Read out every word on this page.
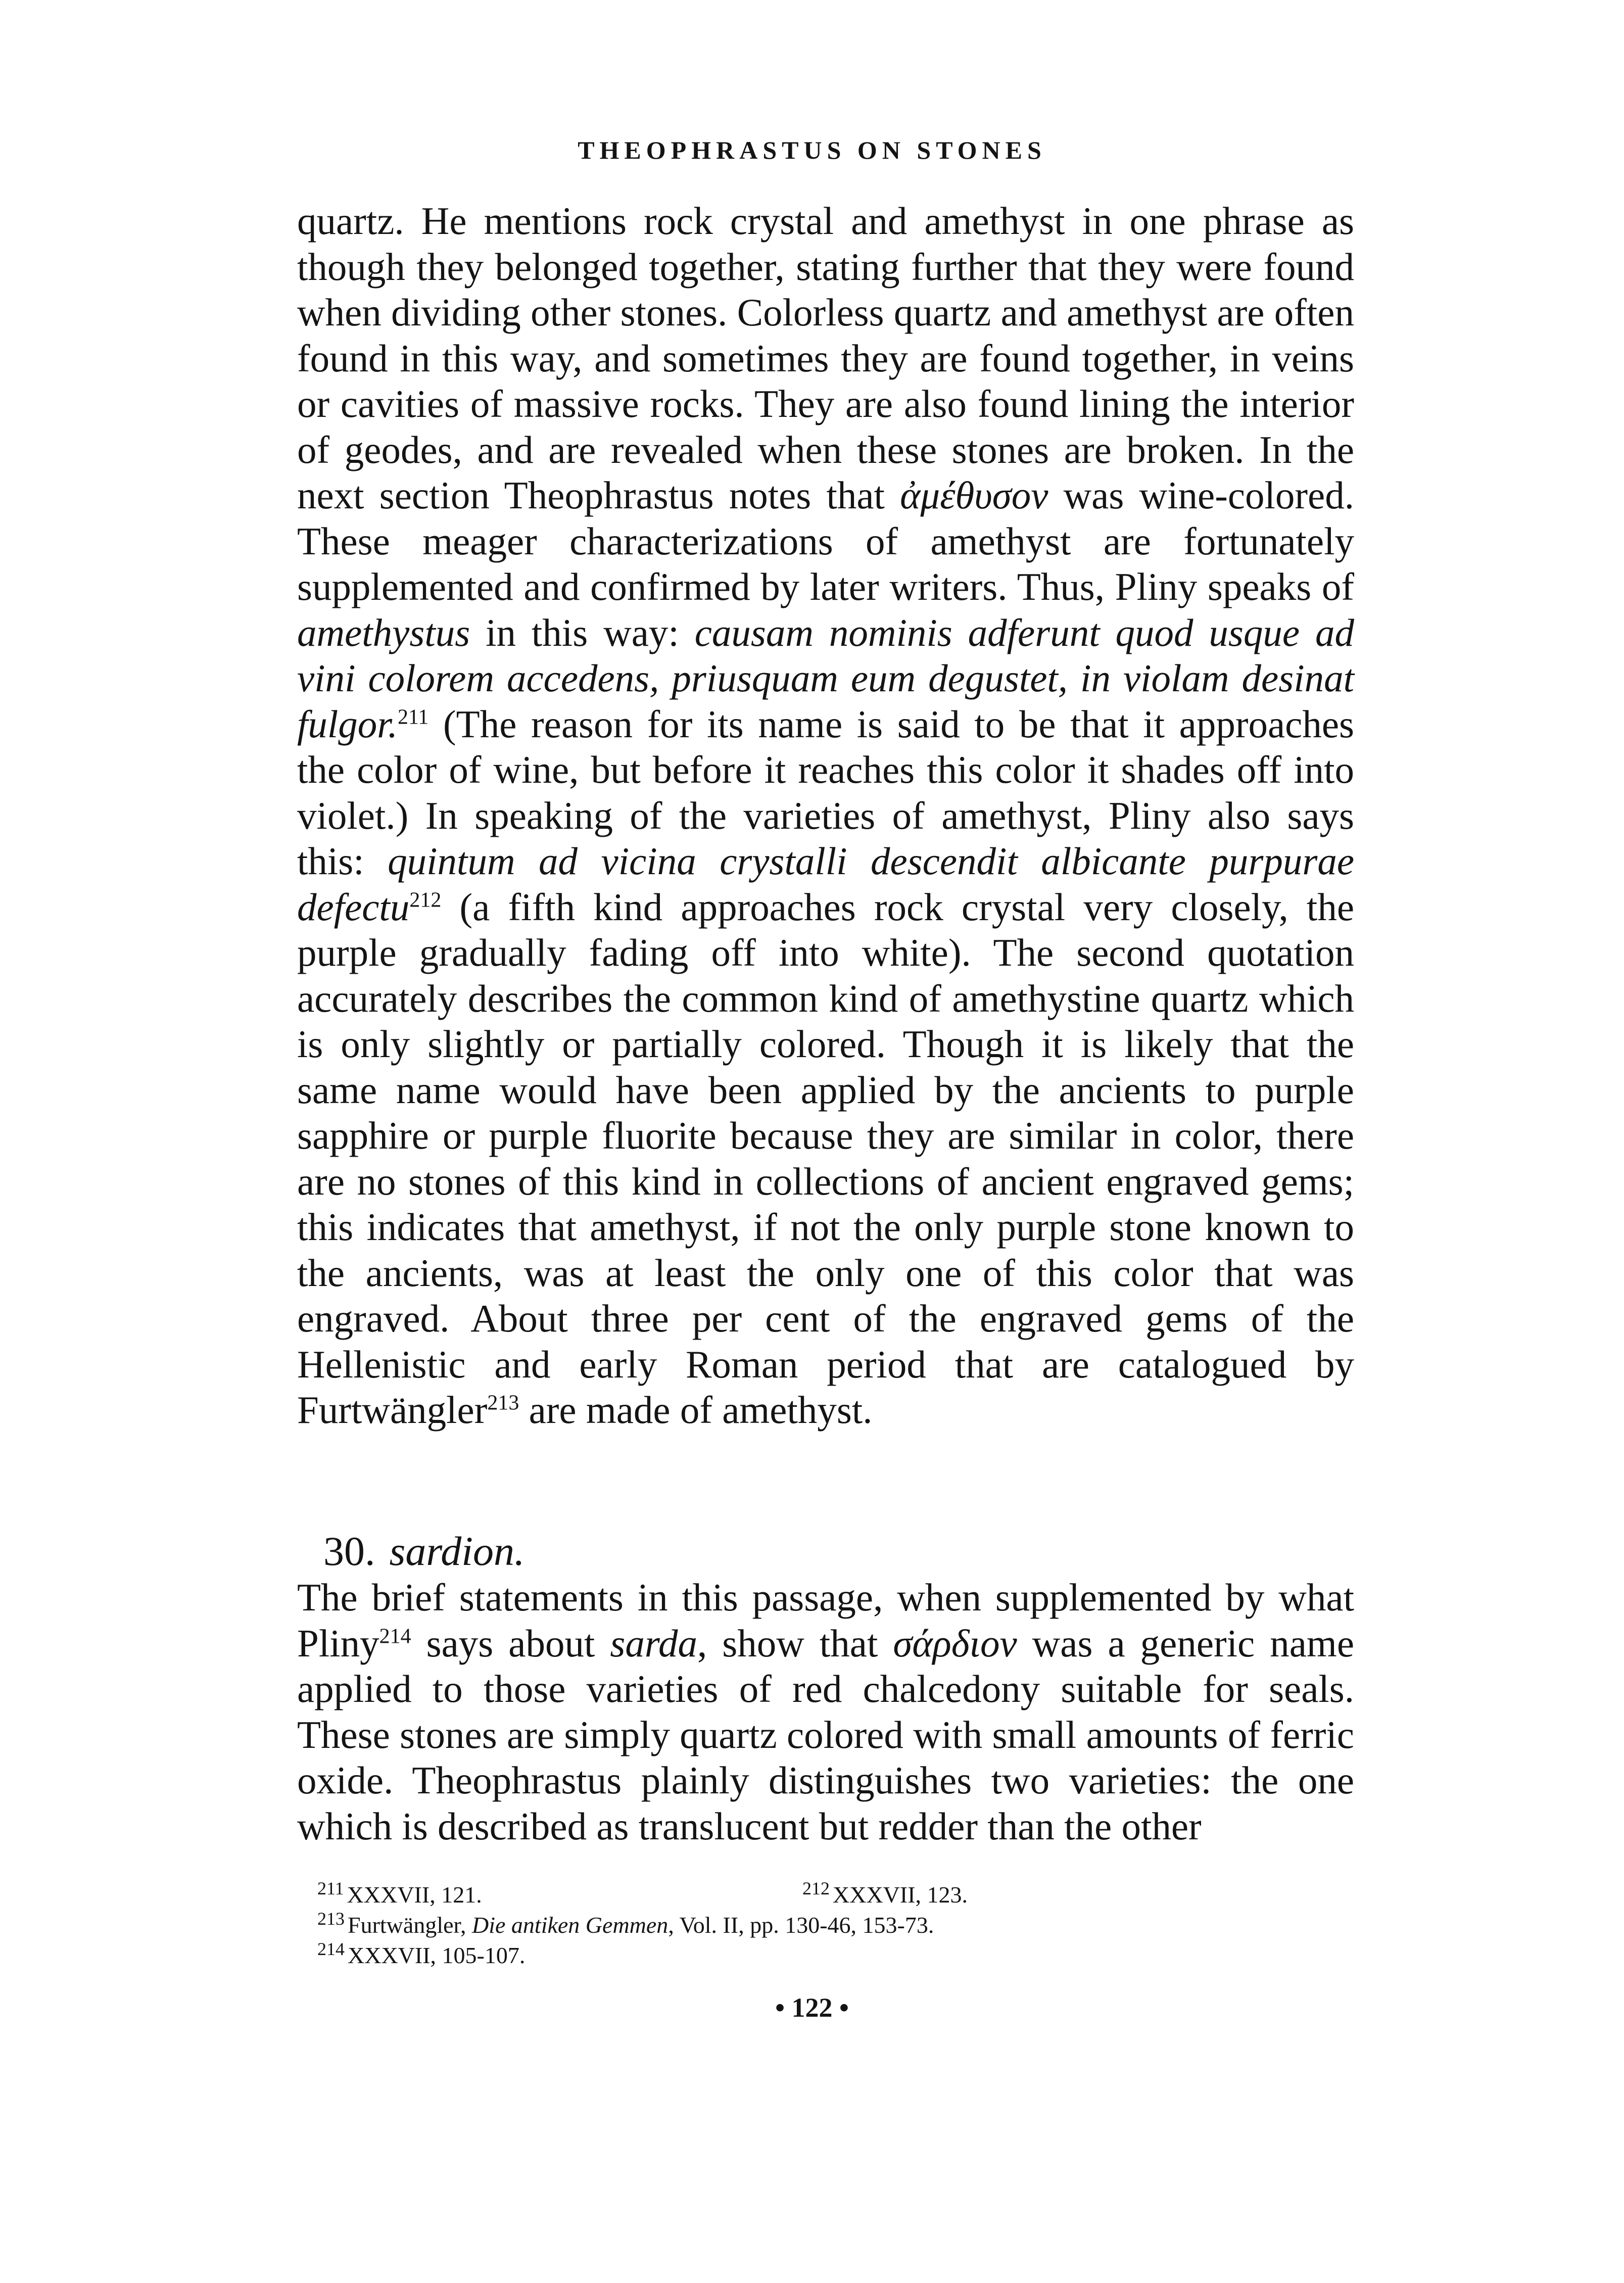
THEOPHRASTUS ON STONES

quartz. He mentions rock crystal and amethyst in one phrase as though they belonged together, stating further that they were found when dividing other stones. Colorless quartz and amethyst are often found in this way, and sometimes they are found together, in veins or cavities of massive rocks. They are also found lining the interior of geodes, and are revealed when these stones are broken. In the next section Theophrastus notes that ἀμέθυσον was wine-colored. These meager characterizations of amethyst are fortunately supplemented and confirmed by later writers. Thus, Pliny speaks of amethystus in this way: causam nominis adferunt quod usque ad vini colorem accedens, priusquam eum degustet, in violam desinat fulgor.$^{211}$ (The reason for its name is said to be that it approaches the color of wine, but before it reaches this color it shades off into violet.) In speaking of the varieties of amethyst, Pliny also says this: quintum ad vicina crystalli descendit albicante purpurae defectu$^{212}$ (a fifth kind approaches rock crystal very closely, the purple gradually fading off into white). The second quotation accurately describes the common kind of amethystine quartz which is only slightly or partially colored. Though it is likely that the same name would have been applied by the ancients to purple sapphire or purple fluorite because they are similar in color, there are no stones of this kind in collections of ancient engraved gems; this indicates that amethyst, if not the only purple stone known to the ancients, was at least the only one of this color that was engraved. About three per cent of the engraved gems of the Hellenistic and early Roman period that are catalogued by Furtwängler$^{213}$ are made of amethyst.

30. sardion.

The brief statements in this passage, when supplemented by what Pliny$^{214}$ says about sarda, show that σάρδιον was a generic name applied to those varieties of red chalcedony suitable for seals. These stones are simply quartz colored with small amounts of ferric oxide. Theophrastus plainly distinguishes two varieties: the one which is described as translucent but redder than the other

$^{211}$ XXXVII, 121.	$^{212}$ XXXVII, 123.
$^{213}$ Furtwängler, Die antiken Gemmen, Vol. II, pp. 130-46, 153-73.
$^{214}$ XXXVII, 105-107.
• 122 •
